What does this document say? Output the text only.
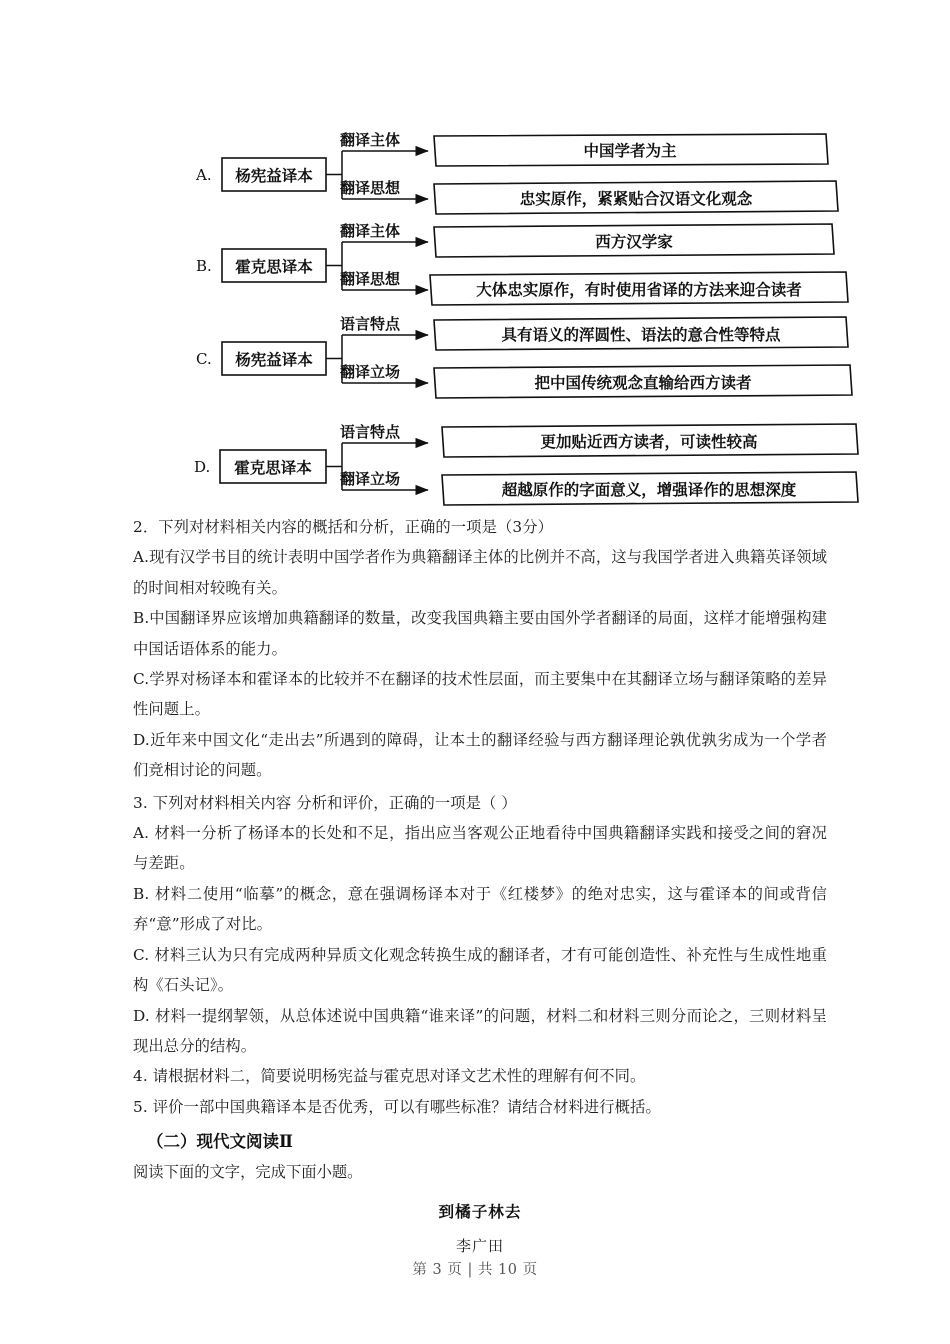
A. 杨宪益译本
翻译主体
翻译思想
中国学者为主
忠实原作，紧紧贴合汉语文化观念
B. 霍克思译本
翻译主体
翻译思想
西方汉学家
大体忠实原作，有时使用省译的方法来迎合读者
C. 杨宪益译本
语言特点
翻译立场
具有语义的浑圆性、语法的意合性等特点
把中国传统观念直输给西方读者
D. 霍克思译本
语言特点
翻译立场
更加贴近西方读者，可读性较高
超越原作的字面意义，增强译作的思想深度

2．下列对材料相关内容的概括和分析，正确的一项是（3分）

A.现有汉学书目的统计表明中国学者作为典籍翻译主体的比例并不高，这与我国学者进入典籍英译领域的时间相对较晚有关。

B.中国翻译界应该增加典籍翻译的数量，改变我国典籍主要由国外学者翻译的局面，这样才能增强构建中国话语体系的能力。

C.学界对杨译本和霍译本的比较并不在翻译的技术性层面，而主要集中在其翻译立场与翻译策略的差异性问题上。

D.近年来中国文化“走出去”所遇到的障碍，让本土的翻译经验与西方翻译理论孰优孰劣成为一个学者们竞相讨论的问题。

3. 下列对材料相关内容 分析和评价，正确的一项是（ ）

A. 材料一分析了杨译本的长处和不足，指出应当客观公正地看待中国典籍翻译实践和接受之间的窘况与差距。

B. 材料二使用“临摹”的概念，意在强调杨译本对于《红楼梦》的绝对忠实，这与霍译本的间或背信弃“意”形成了对比。

C. 材料三认为只有完成两种异质文化观念转换生成的翻译者，才有可能创造性、补充性与生成性地重构《石头记》。

D. 材料一提纲挈领，从总体述说中国典籍“谁来译”的问题，材料二和材料三则分而论之，三则材料呈现出总分的结构。

4. 请根据材料二，简要说明杨宪益与霍克思对译文艺术性的理解有何不同。

5. 评价一部中国典籍译本是否优秀，可以有哪些标准？请结合材料进行概括。

（二）现代文阅读Ⅱ

阅读下面的文字，完成下面小题。

到橘子林去

李广田

第 3 页 | 共 10 页
